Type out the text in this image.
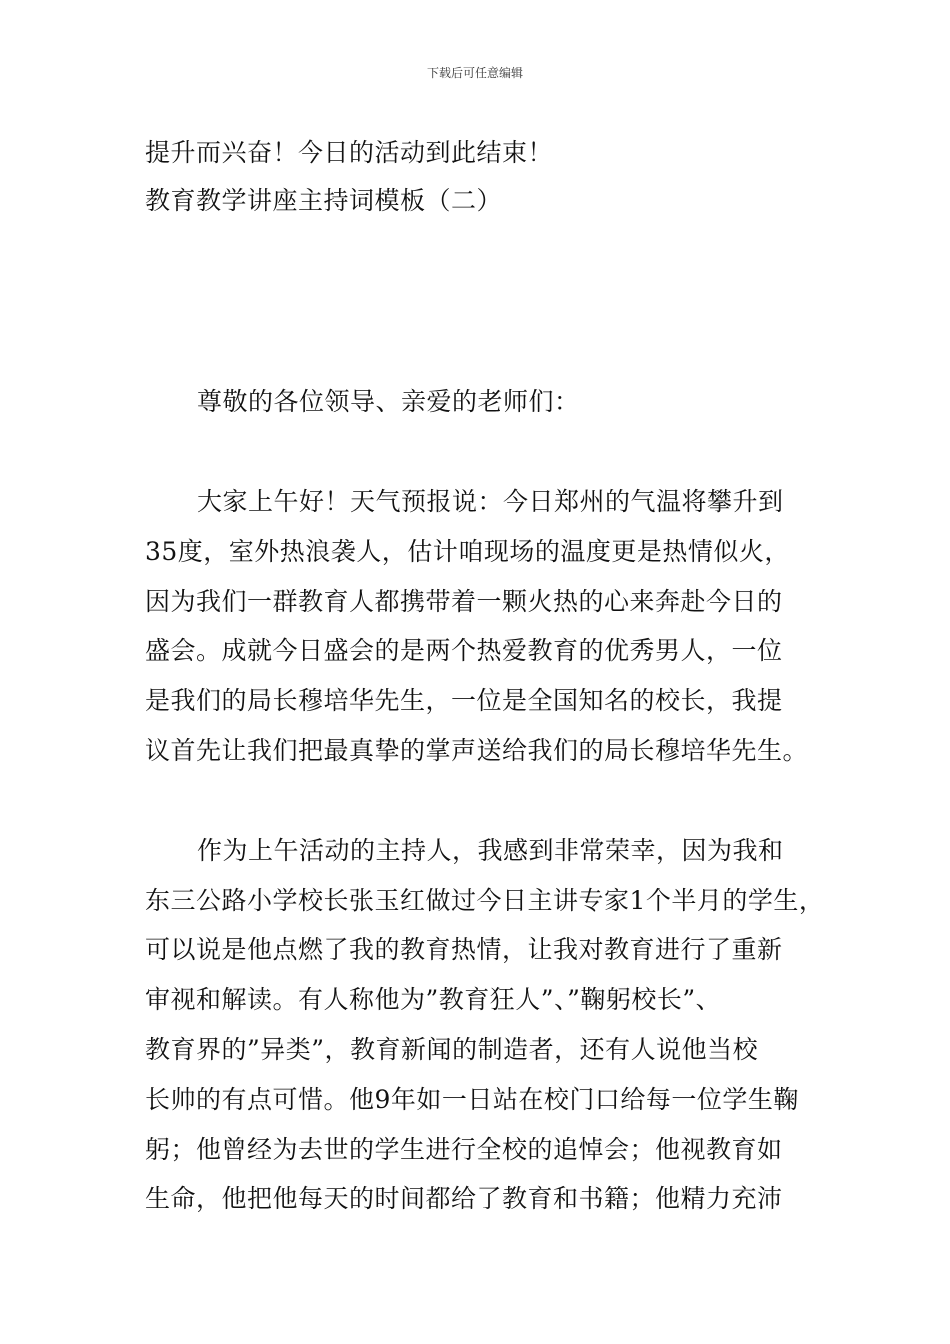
下载后可任意编辑
提升而兴奋！今日的活动到此结束！
教育教学讲座主持词模板（二）
尊敬的各位领导、亲爱的老师们：
大家上午好！天气预报说：今日郑州的气温将攀升到
35度，室外热浪袭人，估计咱现场的温度更是热情似火，
因为我们一群教育人都携带着一颗火热的心来奔赴今日的
盛会。成就今日盛会的是两个热爱教育的优秀男人，一位
是我们的局长穆培华先生，一位是全国知名的校长，我提
议首先让我们把最真挚的掌声送给我们的局长穆培华先生。
作为上午活动的主持人，我感到非常荣幸，因为我和
东三公路小学校长张玉红做过今日主讲专家1个半月的学生，
可以说是他点燃了我的教育热情，让我对教育进行了重新
审视和解读。有人称他为”教育狂人”、”鞠躬校长”、
教育界的”异类”，教育新闻的制造者，还有人说他当校
长帅的有点可惜。他9年如一日站在校门口给每一位学生鞠
躬；他曾经为去世的学生进行全校的追悼会；他视教育如
生命，他把他每天的时间都给了教育和书籍；他精力充沛
